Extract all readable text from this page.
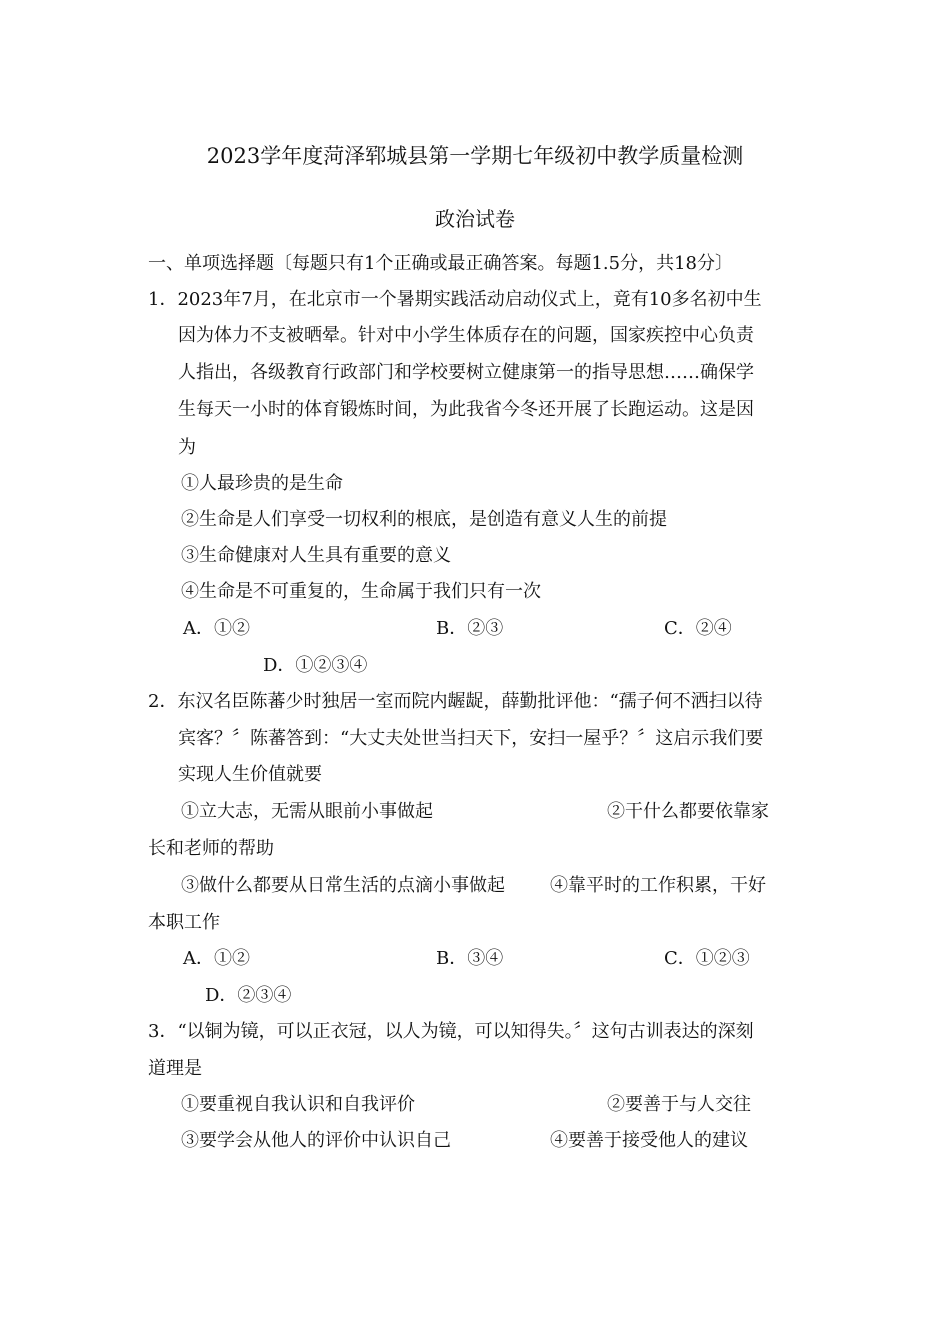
2023学年度菏泽郓城县第一学期七年级初中教学质量检测
政治试卷
一、单项选择题〔每题只有1个正确或最正确答案。每题1.5分，共18分〕
1．2023年7月，在北京市一个暑期实践活动启动仪式上，竟有10多名初中生
因为体力不支被晒晕。针对中小学生体质存在的问题，国家疾控中心负责
人指出，各级教育行政部门和学校要树立健康第一的指导思想……确保学
生每天一小时的体育锻炼时间，为此我省今冬还开展了长跑运动。这是因
为
①人最珍贵的是生命
②生命是人们享受一切权利的根底，是创造有意义人生的前提
③生命健康对人生具有重要的意义
④生命是不可重复的，生命属于我们只有一次
A．①②	B．②③	C．②④
D．①②③④
2．东汉名臣陈蕃少时独居一室而院内龌龊，薛勤批评他：“孺子何不洒扫以待
宾客？〞陈蕃答到：“大丈夫处世当扫天下，安扫一屋乎？〞这启示我们要
实现人生价值就要
①立大志，无需从眼前小事做起	②干什么都要依靠家
长和老师的帮助
③做什么都要从日常生活的点滴小事做起	④靠平时的工作积累，干好
本职工作
A．①②	B．③④	C．①②③
D．②③④
3．“以铜为镜，可以正衣冠，以人为镜，可以知得失。〞这句古训表达的深刻
道理是
①要重视自我认识和自我评价	②要善于与人交往
③要学会从他人的评价中认识自己	④要善于接受他人的建议
